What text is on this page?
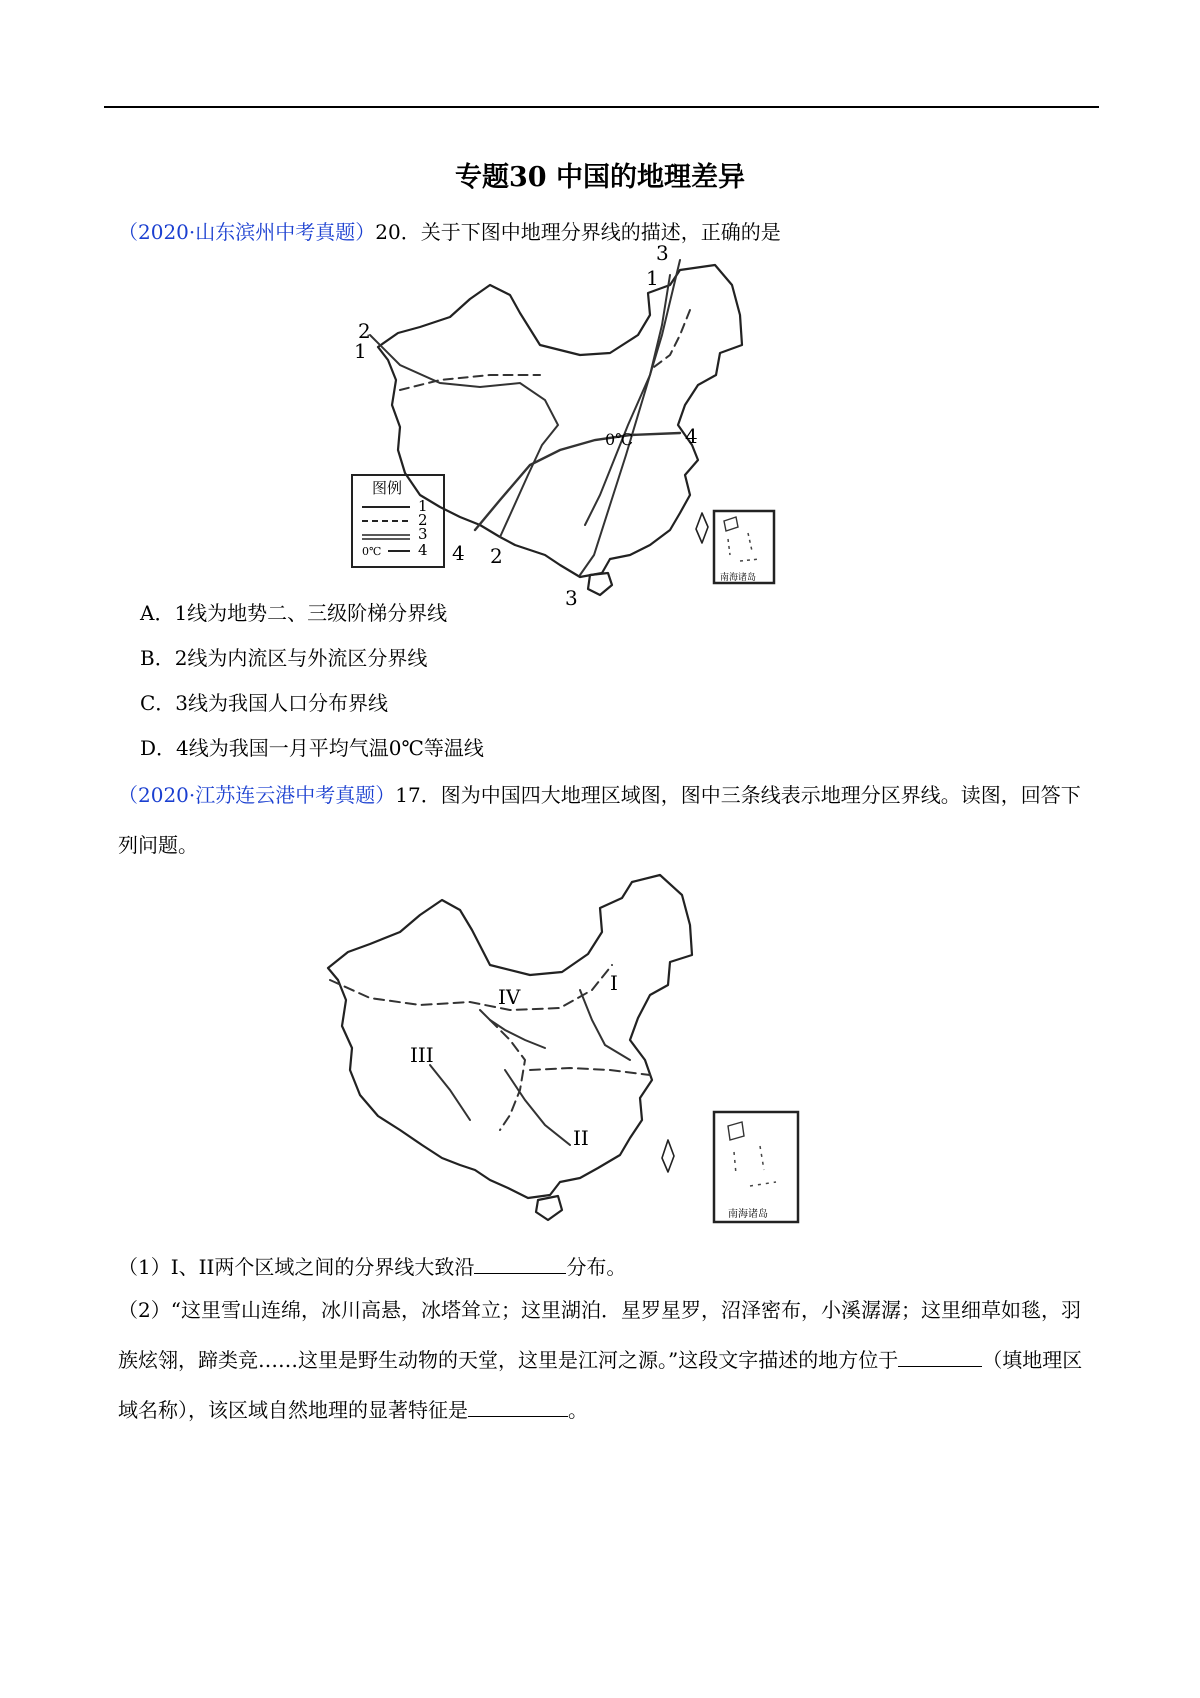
专题30 中国的地理差异
（2020·山东滨州中考真题）20．关于下图中地理分界线的描述，正确的是
3
1
2
1
4
4 2
3
0℃
图例
0℃
1
2
3
4
南海诸岛
A．1线为地势二、三级阶梯分界线
B．2线为内流区与外流区分界线
C．3线为我国人口分布界线
D．4线为我国一月平均气温0℃等温线
（2020·江苏连云港中考真题）17．图为中国四大地理区域图，图中三条线表示地理分区界线。读图，回答下列问题。
I
II
III
IV
南海诸岛
（1）I、II两个区域之间的分界线大致沿	分布。
（2）“这里雪山连绵，冰川高悬，冰塔耸立；这里湖泊．星罗星罗，沼泽密布，小溪潺潺；这里细草如毯，羽族炫翎，蹄类竞……这里是野生动物的天堂，这里是江河之源。”这段文字描述的地方位于	（填地理区域名称），该区域自然地理的显著特征是	。
